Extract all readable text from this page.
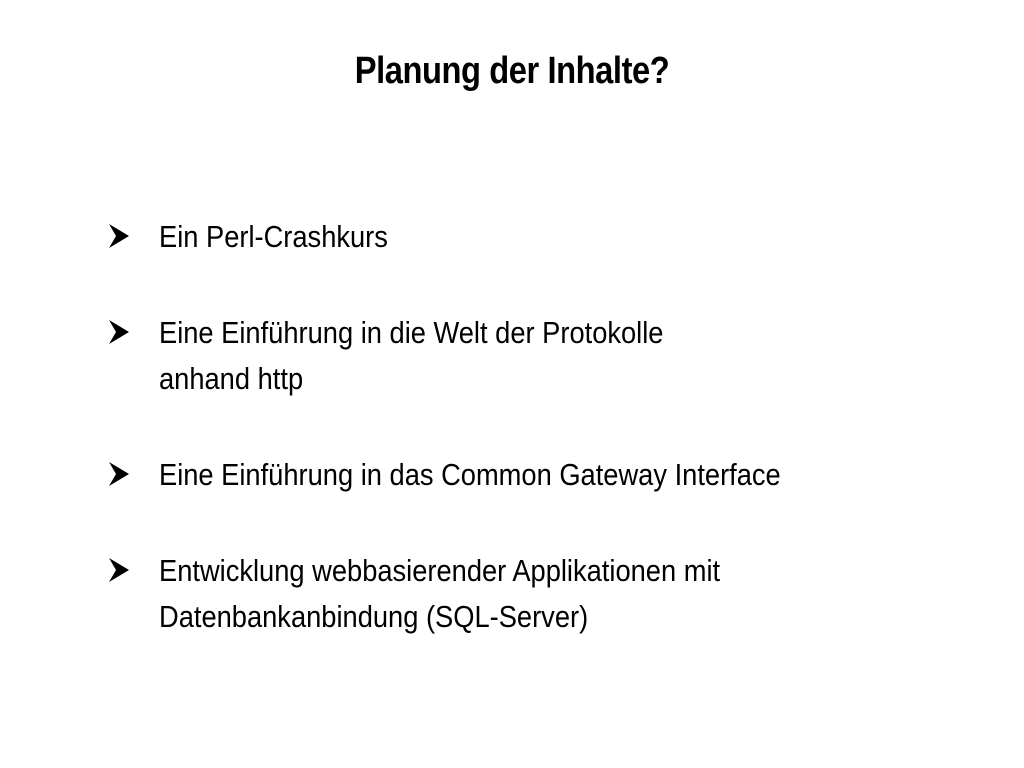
Planung der Inhalte?
Ein Perl-Crashkurs
Eine Einführung in die Welt der Protokolle
anhand http
Eine Einführung in das Common Gateway Interface
Entwicklung webbasierender Applikationen mit
Datenbankanbindung (SQL-Server)
